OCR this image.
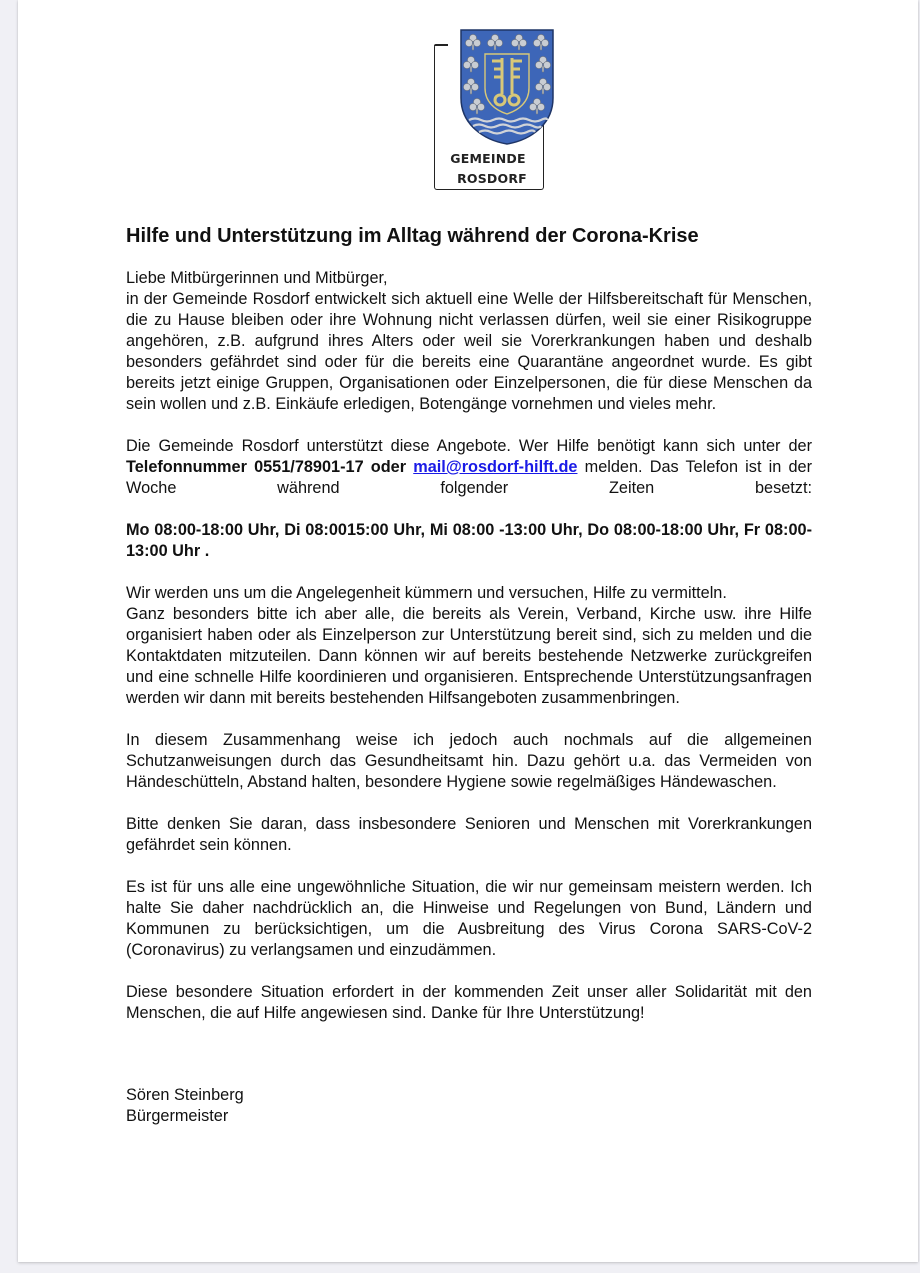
GEMEINDE
ROSDORF
Hilfe und Unterstützung im Alltag während der Corona-Krise

Liebe Mitbürgerinnen und Mitbürger,

in der Gemeinde Rosdorf entwickelt sich aktuell eine Welle der Hilfsbereitschaft für Menschen, die zu Hause bleiben oder ihre Wohnung nicht verlassen dürfen, weil sie einer Risikogruppe angehören, z.B. aufgrund ihres Alters oder weil sie Vorerkrankungen haben und deshalb besonders gefährdet sind oder für die bereits eine Quarantäne angeordnet wurde. Es gibt bereits jetzt einige Gruppen, Organisationen oder Einzelpersonen, die für diese Menschen da sein wollen und z.B. Einkäufe erledigen, Botengänge vornehmen und vieles mehr.

Die Gemeinde Rosdorf unterstützt diese Angebote. Wer Hilfe benötigt kann sich unter der Telefonnummer 0551/78901-17 oder mail@rosdorf-hilft.de melden. Das Telefon ist in der Woche während folgender Zeiten besetzt:

Mo 08:00-18:00 Uhr, Di 08:0015:00 Uhr, Mi 08:00 -13:00 Uhr, Do 08:00-18:00 Uhr, Fr 08:00-13:00 Uhr .

Wir werden uns um die Angelegenheit kümmern und versuchen, Hilfe zu vermitteln.

Ganz besonders bitte ich aber alle, die bereits als Verein, Verband, Kirche usw. ihre Hilfe organisiert haben oder als Einzelperson zur Unterstützung bereit sind, sich zu melden und die Kontaktdaten mitzuteilen. Dann können wir auf bereits bestehende Netzwerke zurückgreifen und eine schnelle Hilfe koordinieren und organisieren. Entsprechende Unterstützungsanfragen werden wir dann mit bereits bestehenden Hilfsangeboten zusammenbringen.

In diesem Zusammenhang weise ich jedoch auch nochmals auf die allgemeinen Schutzanweisungen durch das Gesundheitsamt hin. Dazu gehört u.a. das Vermeiden von Händeschütteln, Abstand halten, besondere Hygiene sowie regelmäßiges Händewaschen.

Bitte denken Sie daran, dass insbesondere Senioren und Menschen mit Vorerkrankungen gefährdet sein können.

Es ist für uns alle eine ungewöhnliche Situation, die wir nur gemeinsam meistern werden. Ich halte Sie daher nachdrücklich an, die Hinweise und Regelungen von Bund, Ländern und Kommunen zu berücksichtigen, um die Ausbreitung des Virus Corona SARS-CoV-2 (Coronavirus) zu verlangsamen und einzudämmen.

Diese besondere Situation erfordert in der kommenden Zeit unser aller Solidarität mit den Menschen, die auf Hilfe angewiesen sind. Danke für Ihre Unterstützung!

Sören Steinberg
Bürgermeister
